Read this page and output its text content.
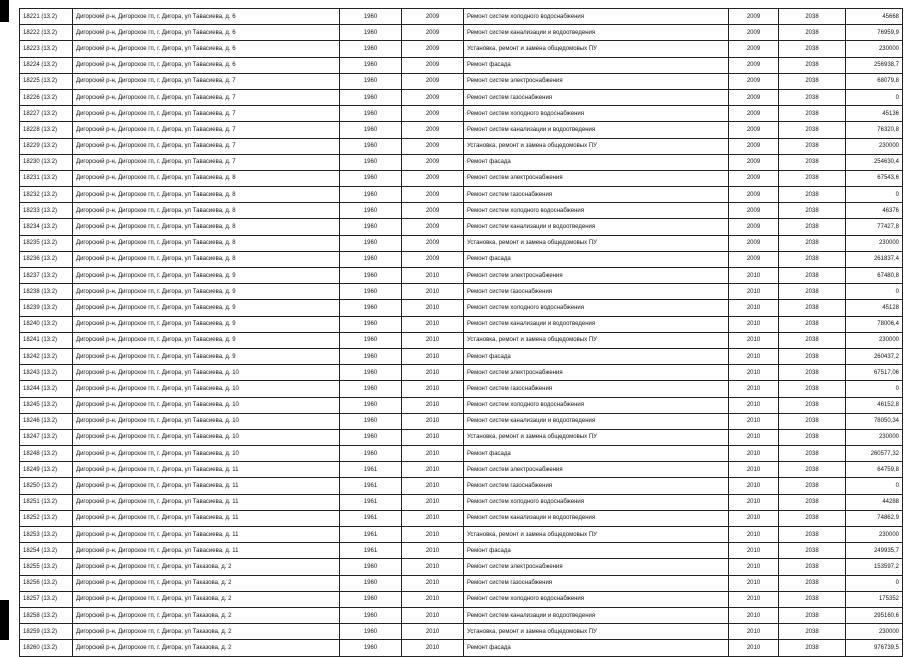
18221 (13.2)	Дигорский р-н, Дигорское гп, г. Дигора, ул Тавасиева, д. 6	1960	2009	Ремонт систем холодного водоснабжения	2009	2038	45668
18222 (13.2)	Дигорский р-н, Дигорское гп, г. Дигора, ул Тавасиева, д. 6	1960	2009	Ремонт систем канализации и водоотведения	2009	2038	76959,9
18223 (13.2)	Дигорский р-н, Дигорское гп, г. Дигора, ул Тавасиева, д. 6	1960	2009	Установка, ремонт и замена общедомовых ПУ	2009	2038	230000
18224 (13.2)	Дигорский р-н, Дигорское гп, г. Дигора, ул Тавасиева, д. 6	1960	2009	Ремонт фасада	2009	2038	256938,7
18225 (13.2)	Дигорский р-н, Дигорское гп, г. Дигора, ул Тавасиева, д. 7	1960	2009	Ремонт систем электроснабжения	2009	2038	68079,8
18226 (13.2)	Дигорский р-н, Дигорское гп, г. Дигора, ул Тавасиева, д. 7	1960	2009	Ремонт систем газоснабжения	2009	2038	0
18227 (13.2)	Дигорский р-н, Дигорское гп, г. Дигора, ул Тавасиева, д. 7	1960	2009	Ремонт систем холодного водоснабжения	2009	2038	45136
18228 (13.2)	Дигорский р-н, Дигорское гп, г. Дигора, ул Тавасиева, д. 7	1960	2009	Ремонт систем канализации и водоотведения	2009	2038	76320,8
18229 (13.2)	Дигорский р-н, Дигорское гп, г. Дигора, ул Тавасиева, д. 7	1960	2009	Установка, ремонт и замена общедомовых ПУ	2009	2038	230000
18230 (13.2)	Дигорский р-н, Дигорское гп, г. Дигора, ул Тавасиева, д. 7	1960	2009	Ремонт фасада	2009	2038	254630,4
18231 (13.2)	Дигорский р-н, Дигорское гп, г. Дигора, ул Тавасиева, д. 8	1960	2009	Ремонт систем электроснабжения	2009	2038	67543,6
18232 (13.2)	Дигорский р-н, Дигорское гп, г. Дигора, ул Тавасиева, д. 8	1960	2009	Ремонт систем газоснабжения	2009	2038	0
18233 (13.2)	Дигорский р-н, Дигорское гп, г. Дигора, ул Тавасиева, д. 8	1960	2009	Ремонт систем холодного водоснабжения	2009	2038	46376
18234 (13.2)	Дигорский р-н, Дигорское гп, г. Дигора, ул Тавасиева, д. 8	1960	2009	Ремонт систем канализации и водоотведения	2009	2038	77427,8
18235 (13.2)	Дигорский р-н, Дигорское гп, г. Дигора, ул Тавасиева, д. 8	1960	2009	Установка, ремонт и замена общедомовых ПУ	2009	2038	230000
18236 (13.2)	Дигорский р-н, Дигорское гп, г. Дигора, ул Тавасиева, д. 8	1960	2009	Ремонт фасада	2009	2038	261837,4
18237 (13.2)	Дигорский р-н, Дигорское гп, г. Дигора, ул Тавасиева, д. 9	1960	2010	Ремонт систем электроснабжения	2010	2038	67480,8
18238 (13.2)	Дигорский р-н, Дигорское гп, г. Дигора, ул Тавасиева, д. 9	1960	2010	Ремонт систем газоснабжения	2010	2038	0
18239 (13.2)	Дигорский р-н, Дигорское гп, г. Дигора, ул Тавасиева, д. 9	1960	2010	Ремонт систем холодного водоснабжения	2010	2038	45128
18240 (13.2)	Дигорский р-н, Дигорское гп, г. Дигора, ул Тавасиева, д. 9	1960	2010	Ремонт систем канализации и водоотведения	2010	2038	78006,4
18241 (13.2)	Дигорский р-н, Дигорское гп, г. Дигора, ул Тавасиева, д. 9	1960	2010	Установка, ремонт и замена общедомовых ПУ	2010	2038	230000
18242 (13.2)	Дигорский р-н, Дигорское гп, г. Дигора, ул Тавасиева, д. 9	1960	2010	Ремонт фасада	2010	2038	260437,2
18243 (13.2)	Дигорский р-н, Дигорское гп, г. Дигора, ул Тавасиева, д. 10	1960	2010	Ремонт систем электроснабжения	2010	2038	67517,06
18244 (13.2)	Дигорский р-н, Дигорское гп, г. Дигора, ул Тавасиева, д. 10	1960	2010	Ремонт систем газоснабжения	2010	2038	0
18245 (13.2)	Дигорский р-н, Дигорское гп, г. Дигора, ул Тавасиева, д. 10	1960	2010	Ремонт систем холодного водоснабжения	2010	2038	46152,8
18246 (13.2)	Дигорский р-н, Дигорское гп, г. Дигора, ул Тавасиева, д. 10	1960	2010	Ремонт систем канализации и водоотведения	2010	2038	78050,34
18247 (13.2)	Дигорский р-н, Дигорское гп, г. Дигора, ул Тавасиева, д. 10	1960	2010	Установка, ремонт и замена общедомовых ПУ	2010	2038	230000
18248 (13.2)	Дигорский р-н, Дигорское гп, г. Дигора, ул Тавасиева, д. 10	1960	2010	Ремонт фасада	2010	2038	260577,32
18249 (13.2)	Дигорский р-н, Дигорское гп, г. Дигора, ул Тавасиева, д. 11	1961	2010	Ремонт систем электроснабжения	2010	2038	64759,8
18250 (13.2)	Дигорский р-н, Дигорское гп, г. Дигора, ул Тавасиева, д. 11	1961	2010	Ремонт систем газоснабжения	2010	2038	0
18251 (13.2)	Дигорский р-н, Дигорское гп, г. Дигора, ул Тавасиева, д. 11	1961	2010	Ремонт систем холодного водоснабжения	2010	2038	44288
18252 (13.2)	Дигорский р-н, Дигорское гп, г. Дигора, ул Тавасиева, д. 11	1961	2010	Ремонт систем канализации и водоотведения	2010	2038	74862,9
18253 (13.2)	Дигорский р-н, Дигорское гп, г. Дигора, ул Тавасиева, д. 11	1961	2010	Установка, ремонт и замена общедомовых ПУ	2010	2038	230000
18254 (13.2)	Дигорский р-н, Дигорское гп, г. Дигора, ул Тавасиева, д. 11	1961	2010	Ремонт фасада	2010	2038	249935,7
18255 (13.2)	Дигорский р-н, Дигорское гп, г. Дигора, ул Таказова, д. 2	1960	2010	Ремонт систем электроснабжения	2010	2038	153597,2
18256 (13.2)	Дигорский р-н, Дигорское гп, г. Дигора, ул Таказова, д. 2	1960	2010	Ремонт систем газоснабжения	2010	2038	0
18257 (13.2)	Дигорский р-н, Дигорское гп, г. Дигора, ул Таказова, д. 2	1960	2010	Ремонт систем холодного водоснабжения	2010	2038	175352
18258 (13.2)	Дигорский р-н, Дигорское гп, г. Дигора, ул Таказова, д. 2	1960	2010	Ремонт систем канализации и водоотведения	2010	2038	295160,6
18259 (13.2)	Дигорский р-н, Дигорское гп, г. Дигора, ул Таказова, д. 2	1960	2010	Установка, ремонт и замена общедомовых ПУ	2010	2038	230000
18260 (13.2)	Дигорский р-н, Дигорское гп, г. Дигора, ул Таказова, д. 2	1960	2010	Ремонт фасада	2010	2038	976739,5
